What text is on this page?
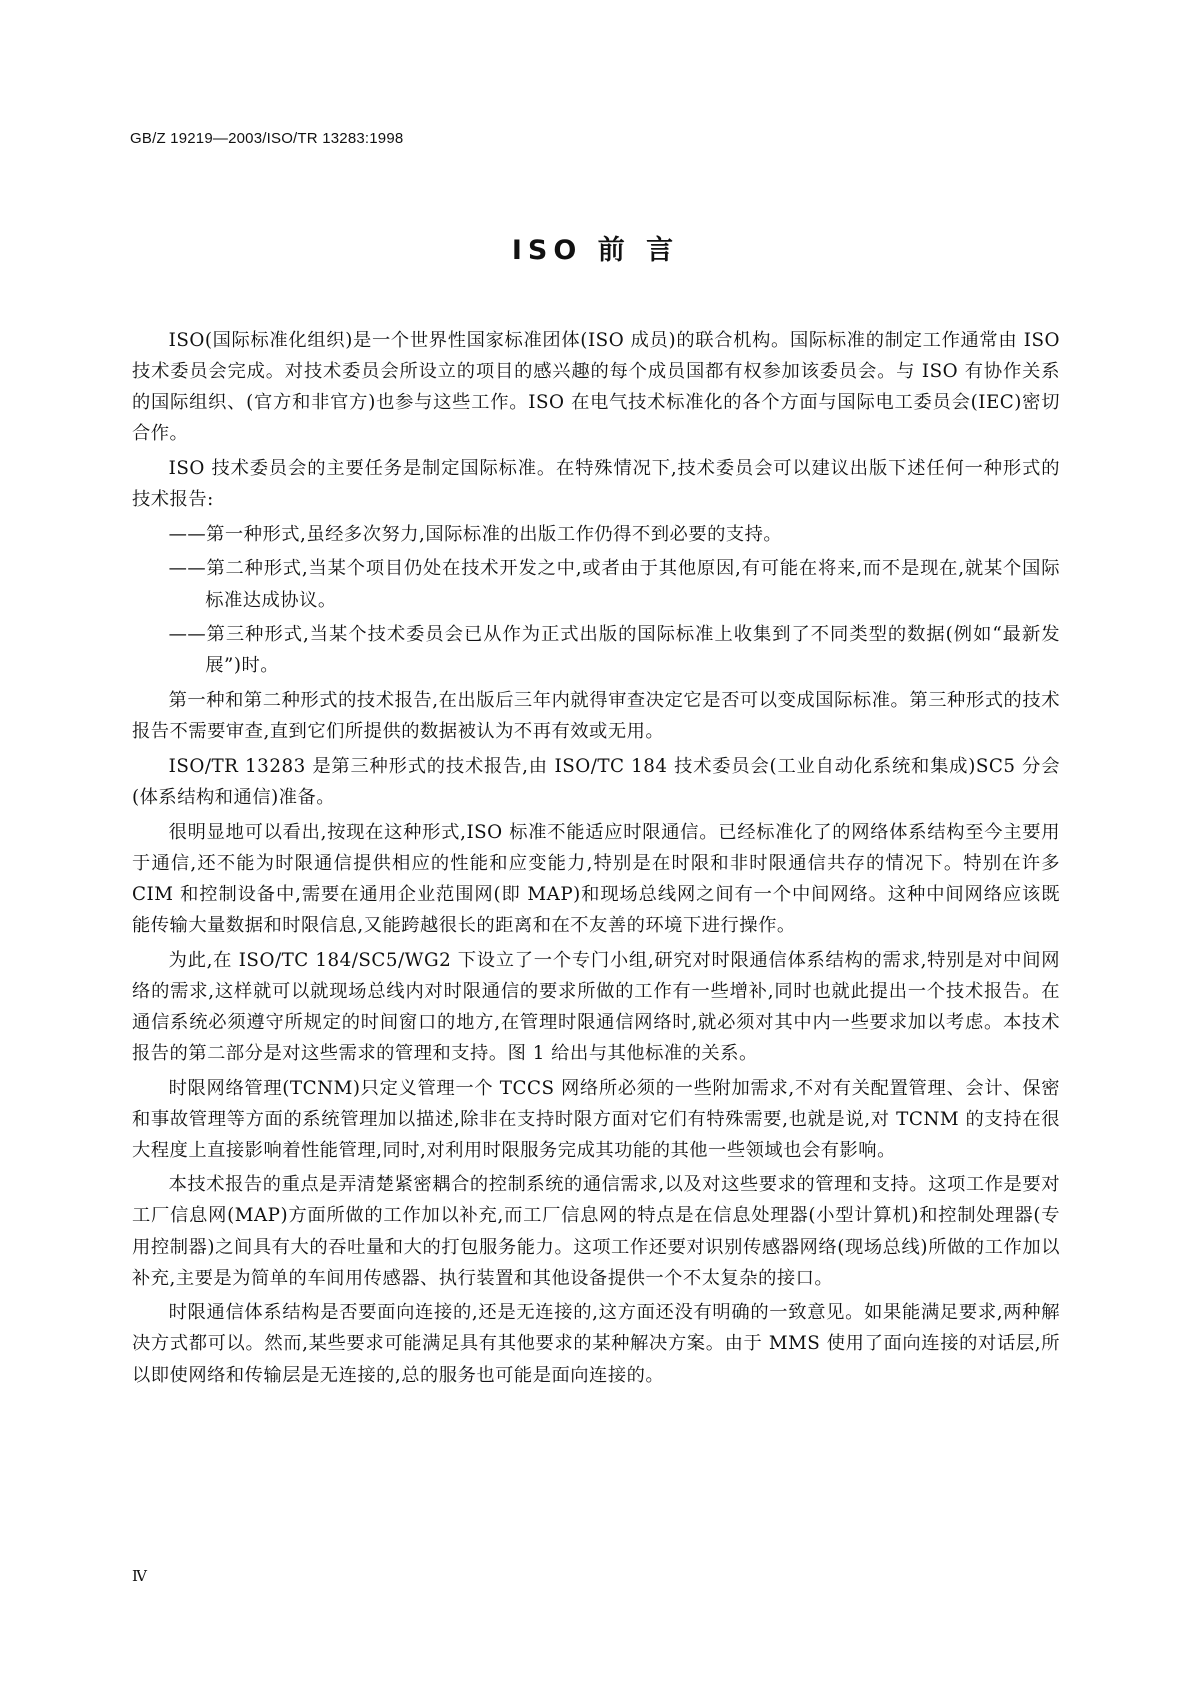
GB/Z 19219—2003/ISO/TR 13283:1998
ISO 前 言

ISO(国际标准化组织)是一个世界性国家标准团体(ISO 成员)的联合机构。国际标准的制定工作通常由 ISO 技术委员会完成。对技术委员会所设立的项目的感兴趣的每个成员国都有权参加该委员会。与 ISO 有协作关系的国际组织、(官方和非官方)也参与这些工作。ISO 在电气技术标准化的各个方面与国际电工委员会(IEC)密切合作。

ISO 技术委员会的主要任务是制定国际标准。在特殊情况下,技术委员会可以建议出版下述任何一种形式的技术报告:

——第一种形式,虽经多次努力,国际标准的出版工作仍得不到必要的支持。

——第二种形式,当某个项目仍处在技术开发之中,或者由于其他原因,有可能在将来,而不是现在,就某个国际标准达成协议。

——第三种形式,当某个技术委员会已从作为正式出版的国际标准上收集到了不同类型的数据(例如“最新发展”)时。

第一种和第二种形式的技术报告,在出版后三年内就得审查决定它是否可以变成国际标准。第三种形式的技术报告不需要审查,直到它们所提供的数据被认为不再有效或无用。

ISO/TR 13283 是第三种形式的技术报告,由 ISO/TC 184 技术委员会(工业自动化系统和集成)SC5 分会(体系结构和通信)准备。

很明显地可以看出,按现在这种形式,ISO 标准不能适应时限通信。已经标准化了的网络体系结构至今主要用于通信,还不能为时限通信提供相应的性能和应变能力,特别是在时限和非时限通信共存的情况下。特别在许多 CIM 和控制设备中,需要在通用企业范围网(即 MAP)和现场总线网之间有一个中间网络。这种中间网络应该既能传输大量数据和时限信息,又能跨越很长的距离和在不友善的环境下进行操作。

为此,在 ISO/TC 184/SC5/WG2 下设立了一个专门小组,研究对时限通信体系结构的需求,特别是对中间网络的需求,这样就可以就现场总线内对时限通信的要求所做的工作有一些增补,同时也就此提出一个技术报告。在通信系统必须遵守所规定的时间窗口的地方,在管理时限通信网络时,就必须对其中内一些要求加以考虑。本技术报告的第二部分是对这些需求的管理和支持。图 1 给出与其他标准的关系。

时限网络管理(TCNM)只定义管理一个 TCCS 网络所必须的一些附加需求,不对有关配置管理、会计、保密和事故管理等方面的系统管理加以描述,除非在支持时限方面对它们有特殊需要,也就是说,对 TCNM 的支持在很大程度上直接影响着性能管理,同时,对利用时限服务完成其功能的其他一些领域也会有影响。

本技术报告的重点是弄清楚紧密耦合的控制系统的通信需求,以及对这些要求的管理和支持。这项工作是要对工厂信息网(MAP)方面所做的工作加以补充,而工厂信息网的特点是在信息处理器(小型计算机)和控制处理器(专用控制器)之间具有大的吞吐量和大的打包服务能力。这项工作还要对识别传感器网络(现场总线)所做的工作加以补充,主要是为简单的车间用传感器、执行装置和其他设备提供一个不太复杂的接口。

时限通信体系结构是否要面向连接的,还是无连接的,这方面还没有明确的一致意见。如果能满足要求,两种解决方式都可以。然而,某些要求可能满足具有其他要求的某种解决方案。由于 MMS 使用了面向连接的对话层,所以即使网络和传输层是无连接的,总的服务也可能是面向连接的。

Ⅳ
